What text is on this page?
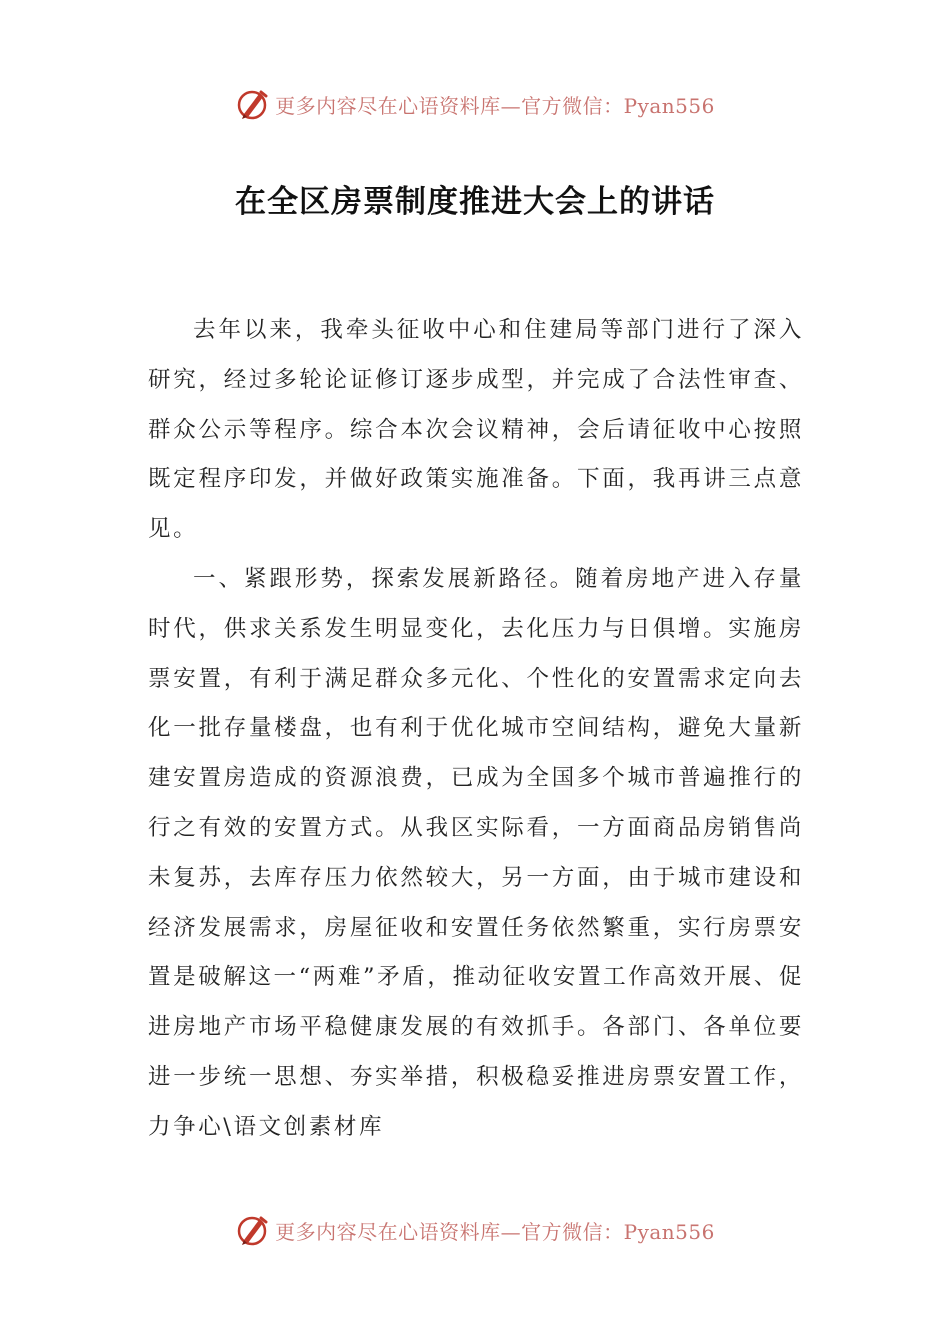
更多内容尽在心语资料库—官方微信：Pyan556
在全区房票制度推进大会上的讲话

去年以来，我牵头征收中心和住建局等部门进行了深入研究，经过多轮论证修订逐步成型，并完成了合法性审查、群众公示等程序。综合本次会议精神，会后请征收中心按照既定程序印发，并做好政策实施准备。下面，我再讲三点意见。

一、紧跟形势，探索发展新路径。随着房地产进入存量时代，供求关系发生明显变化，去化压力与日俱增。实施房票安置，有利于满足群众多元化、个性化的安置需求定向去化一批存量楼盘，也有利于优化城市空间结构，避免大量新建安置房造成的资源浪费，已成为全国多个城市普遍推行的行之有效的安置方式。从我区实际看，一方面商品房销售尚未复苏，去库存压力依然较大，另一方面，由于城市建设和经济发展需求，房屋征收和安置任务依然繁重，实行房票安置是破解这一“两难”矛盾，推动征收安置工作高效开展、促进房地产市场平稳健康发展的有效抓手。各部门、各单位要进一步统一思想、夯实举措，积极稳妥推进房票安置工作，力争心\语文创素材库

更多内容尽在心语资料库—官方微信：Pyan556
